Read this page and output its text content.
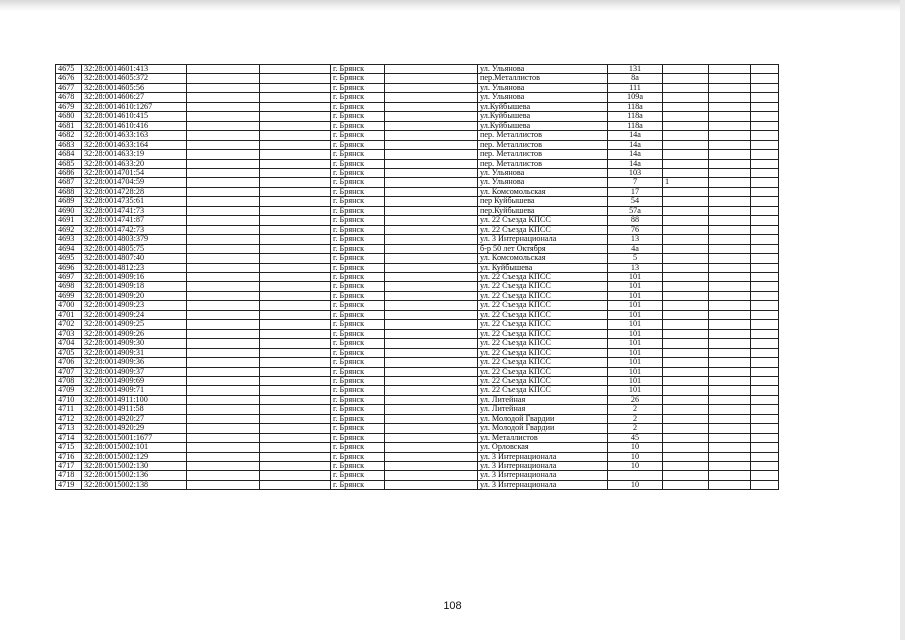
4675	32:28:0014601:413			г. Брянск		ул. Ульянова	131			
4676	32:28:0014605:372			г. Брянск		пер.Металлистов	8а			
4677	32:28:0014605:56			г. Брянск		ул. Ульянова	111			
4678	32:28:0014606:27			г. Брянск		ул. Ульянова	109а			
4679	32:28:0014610:1267			г. Брянск		ул.Куйбышева	118а			
4680	32:28:0014610:415			г. Брянск		ул.Куйбышева	118а			
4681	32:28:0014610:416			г. Брянск		ул.Куйбышева	118а			
4682	32:28:0014633:163			г. Брянск		пер. Металлистов	14а			
4683	32:28:0014633:164			г. Брянск		пер. Металлистов	14а			
4684	32:28:0014633:19			г. Брянск		пер. Металлистов	14а			
4685	32:28:0014633:20			г. Брянск		пер. Металлистов	14а			
4686	32:28:0014701:54			г. Брянск		ул. Ульянова	103			
4687	32:28:0014704:59			г. Брянск		ул. Ульянова	7	1		
4688	32:28:0014728:28			г. Брянск		ул. Комсомольская	17			
4689	32:28:0014735:61			г. Брянск		пер Куйбышева	54			
4690	32:28:0014741:73			г. Брянск		пер.Куйбышева	57а			
4691	32:28:0014741:87			г. Брянск		ул. 22 Съезда КПСС	88			
4692	32:28:0014742:73			г. Брянск		ул. 22 Съезда КПСС	76			
4693	32:28:0014803:379			г. Брянск		ул. 3 Интернационала	13			
4694	32:28:0014805:75			г. Брянск		б-р 50 лет Октября	4а			
4695	32:28:0014807:40			г. Брянск		ул. Комсомольская	5			
4696	32:28:0014812:23			г. Брянск		ул. Куйбышева	13			
4697	32:28:0014909:16			г. Брянск		ул. 22 Съезда КПСС	101			
4698	32:28:0014909:18			г. Брянск		ул. 22 Съезда КПСС	101			
4699	32:28:0014909:20			г. Брянск		ул. 22 Съезда КПСС	101			
4700	32:28:0014909:23			г. Брянск		ул. 22 Съезда КПСС	101			
4701	32:28:0014909:24			г. Брянск		ул. 22 Съезда КПСС	101			
4702	32:28:0014909:25			г. Брянск		ул. 22 Съезда КПСС	101			
4703	32:28:0014909:26			г. Брянск		ул. 22 Съезда КПСС	101			
4704	32:28:0014909:30			г. Брянск		ул. 22 Съезда КПСС	101			
4705	32:28:0014909:31			г. Брянск		ул. 22 Съезда КПСС	101			
4706	32:28:0014909:36			г. Брянск		ул. 22 Съезда КПСС	101			
4707	32:28:0014909:37			г. Брянск		ул. 22 Съезда КПСС	101			
4708	32:28:0014909:69			г. Брянск		ул. 22 Съезда КПСС	101			
4709	32:28:0014909:71			г. Брянск		ул. 22 Съезда КПСС	101			
4710	32:28:0014911:100			г. Брянск		ул. Литейная	26			
4711	32:28:0014911:58			г. Брянск		ул. Литейная	2			
4712	32:28:0014920:27			г. Брянск		ул. Молодой Гвардии	2			
4713	32:28:0014920:29			г. Брянск		ул. Молодой Гвардии	2			
4714	32:28:0015001:1677			г. Брянск		ул. Металлистов	45			
4715	32:28:0015002:101			г. Брянск		ул. Орловская	10			
4716	32:28:0015002:129			г. Брянск		ул. 3 Интернационала	10			
4717	32:28:0015002:130			г. Брянск		ул. 3 Интернационала	10			
4718	32:28:0015002:136			г. Брянск		ул. 3 Интернационала				
4719	32:28:0015002:138			г. Брянск		ул. 3 Интернационала	10			
108
